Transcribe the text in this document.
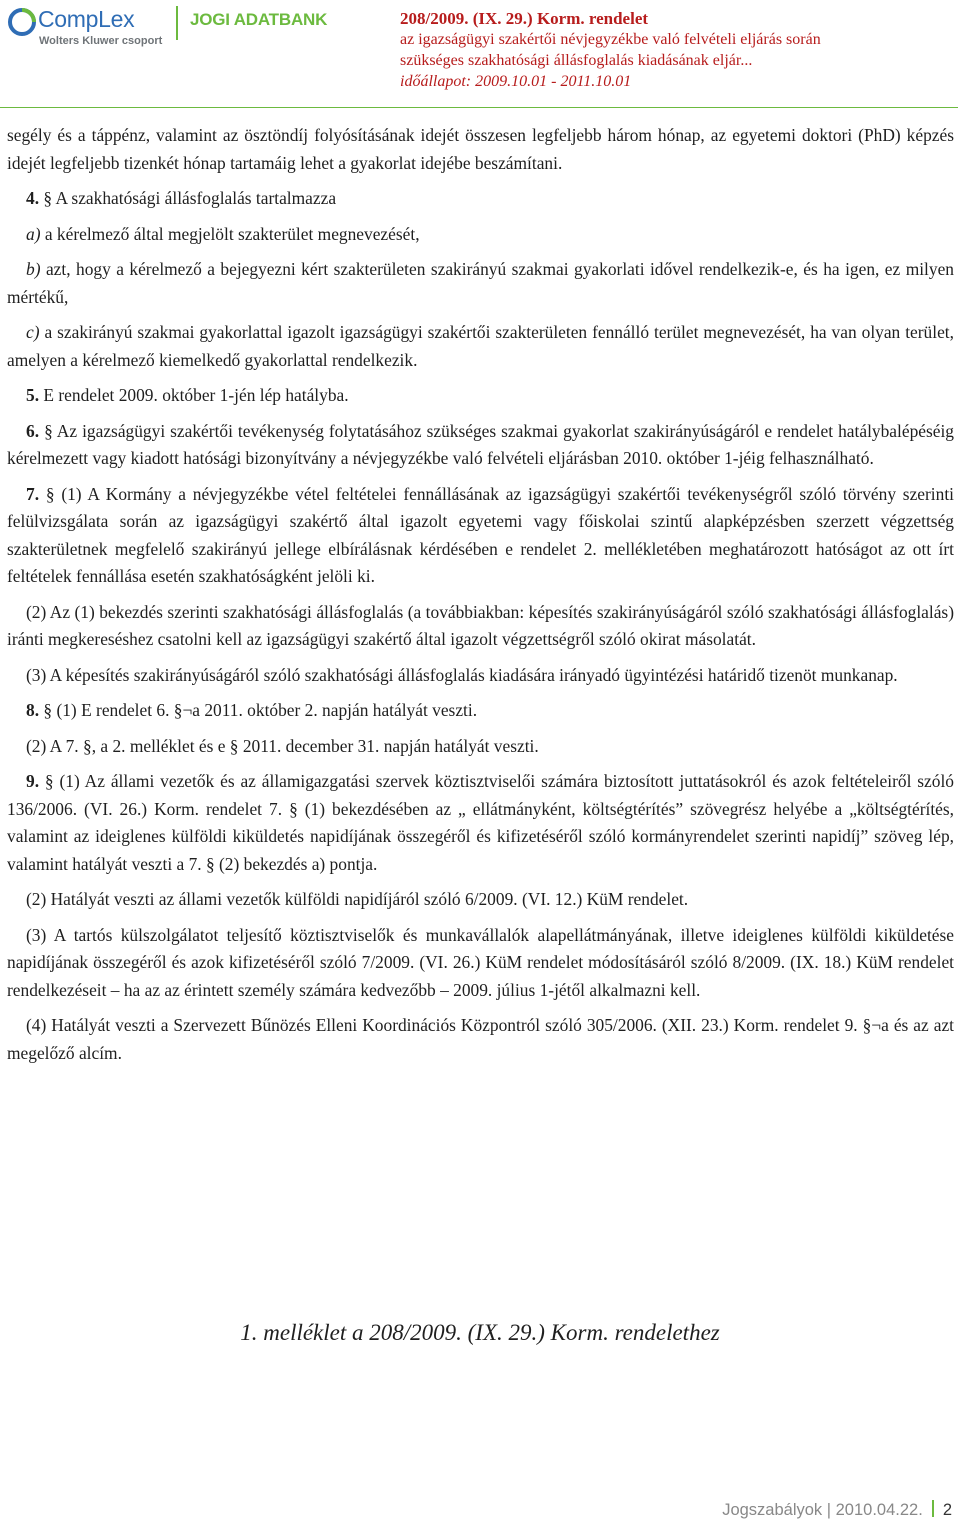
CompLex
Wolters Kluwer csoport
JOGI ADATBANK	208/2009. (IX. 29.) Korm. rendelet
az igazságügyi szakértői névjegyzékbe való felvételi eljárás során
szükséges szakhatósági állásfoglalás kiadásának eljár...
időállapot: 2009.10.01 - 2011.10.01

segély és a táppénz, valamint az ösztöndíj folyósításának idejét összesen legfeljebb három hónap, az egyetemi doktori (PhD) képzés idejét legfeljebb tizenkét hónap tartamáig lehet a gyakorlat idejébe beszámítani.

4. § A szakhatósági állásfoglalás tartalmazza

a) a kérelmező által megjelölt szakterület megnevezését,

b) azt, hogy a kérelmező a bejegyezni kért szakterületen szakirányú szakmai gyakorlati idővel rendelkezik-e, és ha igen, ez milyen mértékű,

c) a szakirányú szakmai gyakorlattal igazolt igazságügyi szakértői szakterületen fennálló terület megnevezését, ha van olyan terület, amelyen a kérelmező kiemelkedő gyakorlattal rendelkezik.

5. E rendelet 2009. október 1-jén lép hatályba.

6. § Az igazságügyi szakértői tevékenység folytatásához szükséges szakmai gyakorlat szakirányúságáról e rendelet hatálybalépéséig kérelmezett vagy kiadott hatósági bizonyítvány a névjegyzékbe való felvételi eljárásban 2010. október 1-jéig felhasználható.

7. § (1) A Kormány a névjegyzékbe vétel feltételei fennállásának az igazságügyi szakértői tevékenységről szóló törvény szerinti felülvizsgálata során az igazságügyi szakértő által igazolt egyetemi vagy főiskolai szintű alapképzésben szerzett végzettség szakterületnek megfelelő szakirányú jellege elbírálásnak kérdésében e rendelet 2. mellékletében meghatározott hatóságot az ott írt feltételek fennállása esetén szakhatóságként jelöli ki.

(2) Az (1) bekezdés szerinti szakhatósági állásfoglalás (a továbbiakban: képesítés szakirányúságáról szóló szakhatósági állásfoglalás) iránti megkereséshez csatolni kell az igazságügyi szakértő által igazolt végzettségről szóló okirat másolatát.

(3) A képesítés szakirányúságáról szóló szakhatósági állásfoglalás kiadására irányadó ügyintézési határidő tizenöt munkanap.

8. § (1) E rendelet 6. §¬a 2011. október 2. napján hatályát veszti.

(2) A 7. §, a 2. melléklet és e § 2011. december 31. napján hatályát veszti.

9. § (1) Az állami vezetők és az államigazgatási szervek köztisztviselői számára biztosított juttatásokról és azok feltételeiről szóló 136/2006. (VI. 26.) Korm. rendelet 7. § (1) bekezdésében az „ ellátmányként, költségtérítés” szövegrész helyébe a „költségtérítés, valamint az ideiglenes külföldi kiküldetés napidíjának összegéről és kifizetéséről szóló kormányrendelet szerinti napidíj” szöveg lép, valamint hatályát veszti a 7. § (2) bekezdés a) pontja.

(2) Hatályát veszti az állami vezetők külföldi napidíjáról szóló 6/2009. (VI. 12.) KüM rendelet.

(3) A tartós külszolgálatot teljesítő köztisztviselők és munkavállalók alapellátmányának, illetve ideiglenes külföldi kiküldetése napidíjának összegéről és azok kifizetéséről szóló 7/2009. (VI. 26.) KüM rendelet módosításáról szóló 8/2009. (IX. 18.) KüM rendelet rendelkezéseit – ha az az érintett személy számára kedvezőbb – 2009. július 1-jétől alkalmazni kell.

(4) Hatályát veszti a Szervezett Bűnözés Elleni Koordinációs Központról szóló 305/2006. (XII. 23.) Korm. rendelet 9. §¬a és az azt megelőző alcím.

1. melléklet a 208/2009. (IX. 29.) Korm. rendelethez
Jogszabályok | 2010.04.22. 2
